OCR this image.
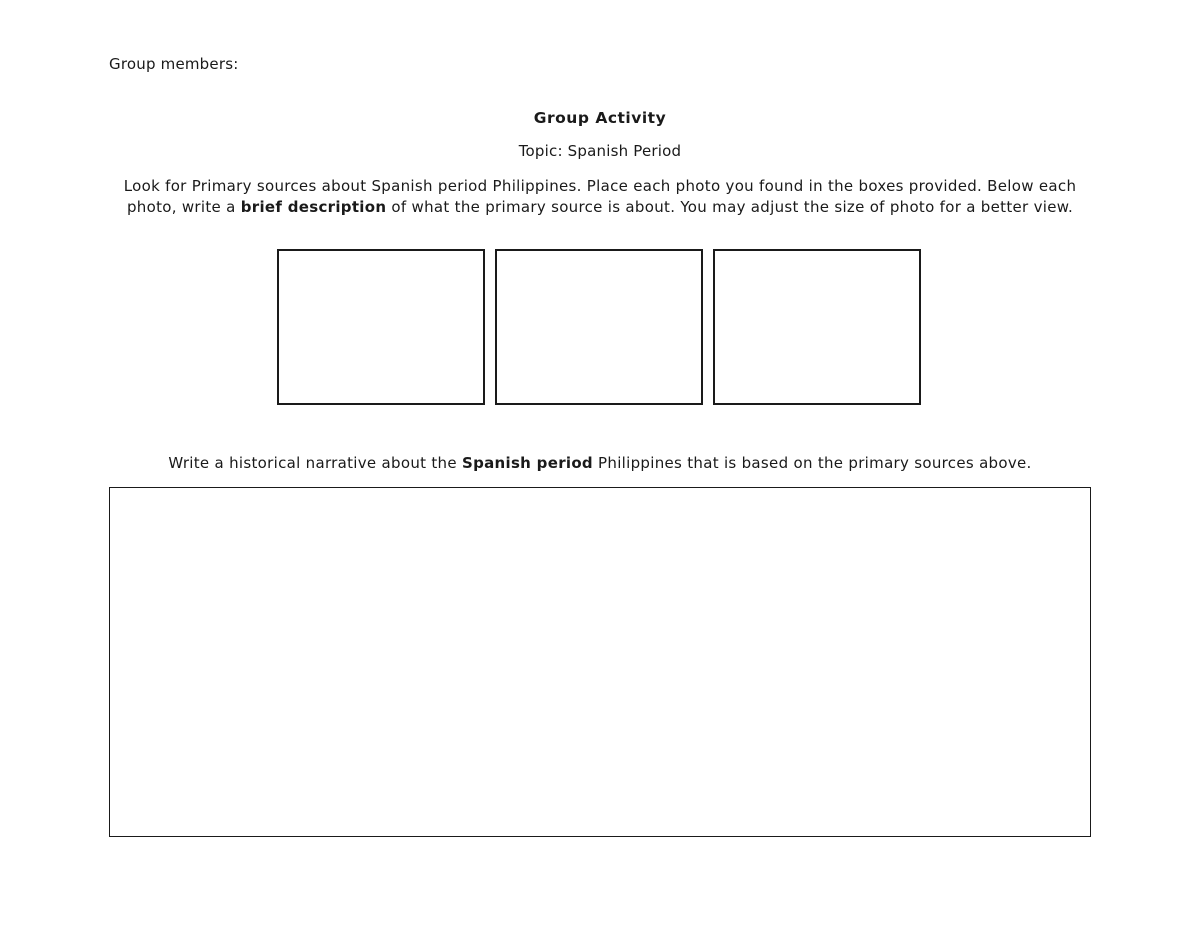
Group members:
Group Activity
Topic: Spanish Period
Look for Primary sources about Spanish period Philippines. Place each photo you found in the boxes provided. Below each photo, write a brief description of what the primary source is about. You may adjust the size of photo for a better view.
Write a historical narrative about the Spanish period Philippines that is based on the primary sources above.
